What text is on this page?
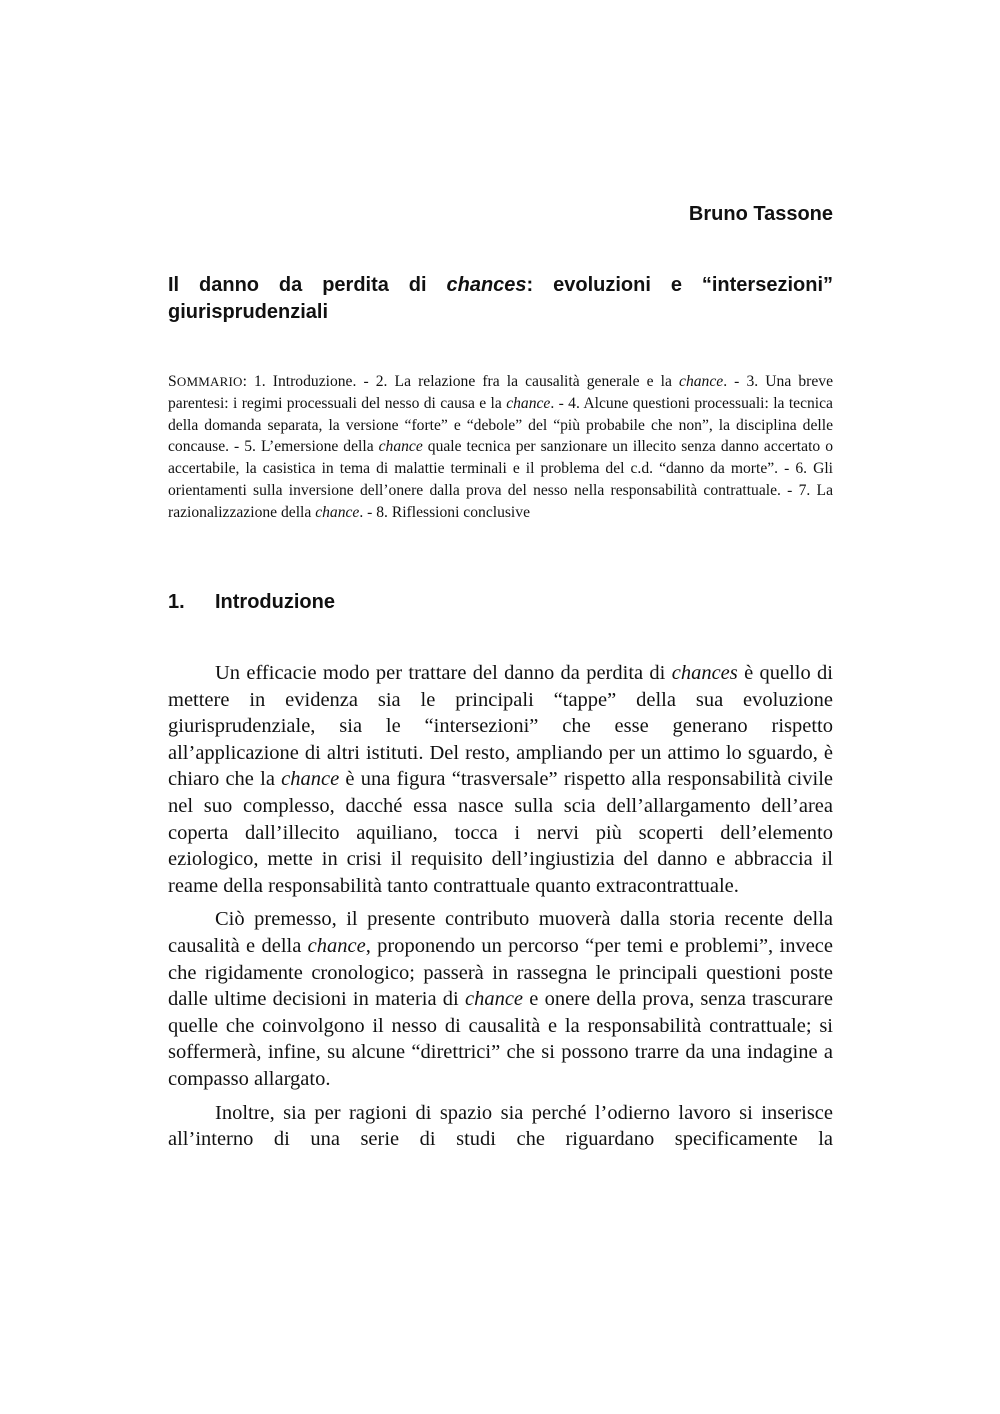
Bruno Tassone
Il danno da perdita di chances: evoluzioni e “intersezioni” giurisprudenziali

SOMMARIO: 1. Introduzione. - 2. La relazione fra la causalità generale e la chance. - 3. Una breve parentesi: i regimi processuali del nesso di causa e la chance. - 4. Alcune questioni processuali: la tecnica della domanda separata, la versione “forte” e “debole” del “più probabile che non”, la disciplina delle concause. - 5. L’emersione della chance quale tecnica per sanzionare un illecito senza danno accertato o accertabile, la casistica in tema di malattie terminali e il problema del c.d. “danno da morte”. - 6. Gli orientamenti sulla inversione dell’onere dalla prova del nesso nella responsabilità contrattuale. - 7. La razionalizzazione della chance. - 8. Riflessioni conclusive

1. Introduzione

Un efficacie modo per trattare del danno da perdita di chances è quello di mettere in evidenza sia le principali “tappe” della sua evoluzione giurisprudenziale, sia le “intersezioni” che esse generano rispetto all’applicazione di altri istituti. Del resto, ampliando per un attimo lo sguardo, è chiaro che la chance è una figura “trasversale” rispetto alla responsabilità civile nel suo complesso, dacché essa nasce sulla scia dell’allargamento dell’area coperta dall’illecito aquiliano, tocca i nervi più scoperti dell’elemento eziologico, mette in crisi il requisito dell’ingiustizia del danno e abbraccia il reame della responsabilità tanto contrattuale quanto extracontrattuale.

Ciò premesso, il presente contributo muoverà dalla storia recente della causalità e della chance, proponendo un percorso “per temi e problemi”, invece che rigidamente cronologico; passerà in rassegna le principali questioni poste dalle ultime decisioni in materia di chance e onere della prova, senza trascurare quelle che coinvolgono il nesso di causalità e la responsabilità contrattuale; si soffermerà, infine, su alcune “direttrici” che si possono trarre da una indagine a compasso allargato.

Inoltre, sia per ragioni di spazio sia perché l’odierno lavoro si inserisce all’interno di una serie di studi che riguardano specificamente la
